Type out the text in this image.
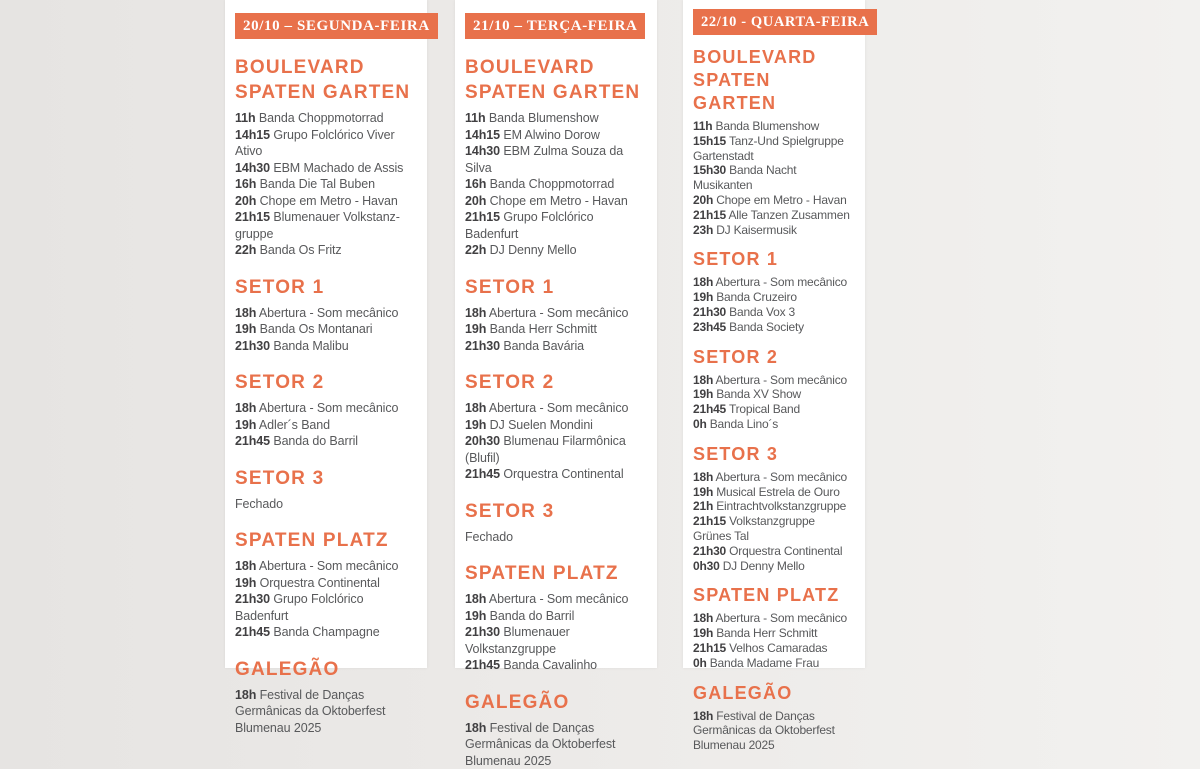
20/10 – SEGUNDA-FEIRA
BOULEVARD
SPATEN GARTEN

11h Banda Choppmotorrad

14h15 Grupo Folclórico Viver Ativo

14h30 EBM Machado de Assis

16h Banda Die Tal Buben

20h Chope em Metro - Havan

21h15 Blumenauer Volkstanz-gruppe

22h Banda Os Fritz

SETOR 1

18h Abertura - Som mecânico

19h Banda Os Montanari

21h30 Banda Malibu

SETOR 2

18h Abertura - Som mecânico

19h Adler´s Band

21h45 Banda do Barril

SETOR 3

Fechado

SPATEN PLATZ

18h Abertura - Som mecânico

19h Orquestra Continental

21h30 Grupo Folclórico Badenfurt

21h45 Banda Champagne

GALEGÃO

18h Festival de Danças Germânicas da Oktoberfest Blumenau 2025

21/10 – TERÇA-FEIRA
BOULEVARD
SPATEN GARTEN

11h Banda Blumenshow

14h15 EM Alwino Dorow

14h30 EBM Zulma Souza da Silva

16h Banda Choppmotorrad

20h Chope em Metro - Havan

21h15 Grupo Folclórico Badenfurt

22h DJ Denny Mello

SETOR 1

18h Abertura - Som mecânico

19h Banda Herr Schmitt

21h30 Banda Bavária

SETOR 2

18h Abertura - Som mecânico

19h DJ Suelen Mondini

20h30 Blumenau Filarmônica (Blufil)

21h45 Orquestra Continental

SETOR 3

Fechado

SPATEN PLATZ

18h Abertura - Som mecânico

19h Banda do Barril

21h30 Blumenauer Volkstanzgruppe

21h45 Banda Cavalinho

GALEGÃO

18h Festival de Danças Germânicas da Oktoberfest Blumenau 2025

22/10 - QUARTA-FEIRA
BOULEVARD
SPATEN GARTEN

11h Banda Blumenshow

15h15 Tanz-Und Spielgruppe Gartenstadt

15h30 Banda Nacht Musikanten

20h Chope em Metro - Havan

21h15 Alle Tanzen Zusammen

23h DJ Kaisermusik

SETOR 1

18h Abertura - Som mecânico

19h Banda Cruzeiro

21h30 Banda Vox 3

23h45 Banda Society

SETOR 2

18h Abertura - Som mecânico

19h Banda XV Show

21h45 Tropical Band

0h Banda Lino´s

SETOR 3

18h Abertura - Som mecânico

19h Musical Estrela de Ouro

21h Eintrachtvolkstanzgruppe

21h15 Volkstanzgruppe Grünes Tal

21h30 Orquestra Continental

0h30 DJ Denny Mello

SPATEN PLATZ

18h Abertura - Som mecânico

19h Banda Herr Schmitt

21h15 Velhos Camaradas

0h Banda Madame Frau

GALEGÃO

18h Festival de Danças Germânicas da Oktoberfest Blumenau 2025
